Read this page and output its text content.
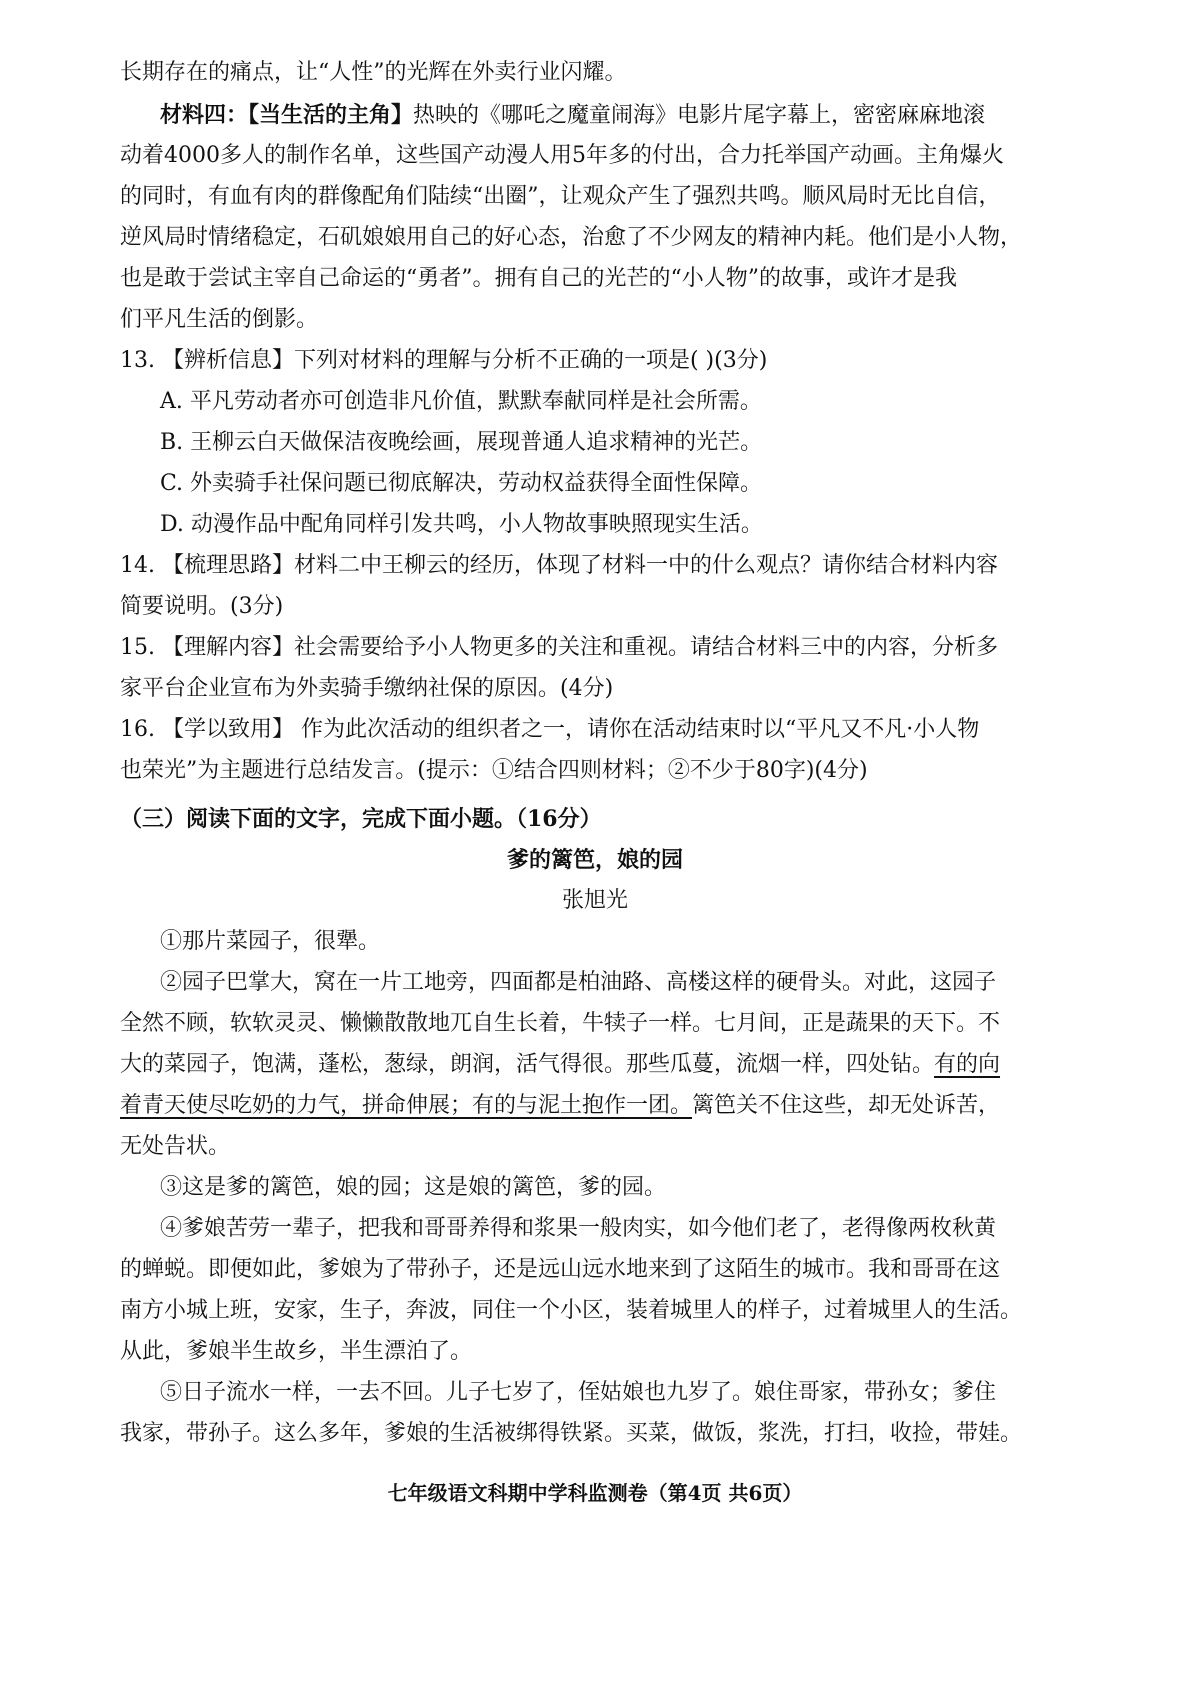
长期存在的痛点，让“人性”的光辉在外卖行业闪耀。
材料四：【当生活的主角】热映的《哪吒之魔童闹海》电影片尾字幕上，密密麻麻地滚
动着4000多人的制作名单，这些国产动漫人用5年多的付出，合力托举国产动画。主角爆火
的同时，有血有肉的群像配角们陆续“出圈”，让观众产生了强烈共鸣。顺风局时无比自信，
逆风局时情绪稳定，石矶娘娘用自己的好心态，治愈了不少网友的精神内耗。他们是小人物，
也是敢于尝试主宰自己命运的“勇者”。拥有自己的光芒的“小人物”的故事，或许才是我
们平凡生活的倒影。
13. 【辨析信息】下列对材料的理解与分析不正确的一项是( )(3分)
A. 平凡劳动者亦可创造非凡价值，默默奉献同样是社会所需。
B. 王柳云白天做保洁夜晚绘画，展现普通人追求精神的光芒。
C. 外卖骑手社保问题已彻底解决，劳动权益获得全面性保障。
D. 动漫作品中配角同样引发共鸣，小人物故事映照现实生活。
14. 【梳理思路】材料二中王柳云的经历，体现了材料一中的什么观点？请你结合材料内容
简要说明。(3分)
15. 【理解内容】社会需要给予小人物更多的关注和重视。请结合材料三中的内容，分析多
家平台企业宣布为外卖骑手缴纳社保的原因。(4分)
16. 【学以致用】 作为此次活动的组织者之一，请你在活动结束时以“平凡又不凡·小人物
也荣光”为主题进行总结发言。(提示：①结合四则材料；②不少于80字)(4分)
（三）阅读下面的文字，完成下面小题。（16分）
爹的篱笆，娘的园
张旭光
①那片菜园子，很犟。
②园子巴掌大，窝在一片工地旁，四面都是柏油路、高楼这样的硬骨头。对此，这园子
全然不顾，软软灵灵、懒懒散散地兀自生长着，牛犊子一样。七月间，正是蔬果的天下。不
大的菜园子，饱满，蓬松，葱绿，朗润，活气得很。那些瓜蔓，流烟一样，四处钻。有的向
着青天使尽吃奶的力气，拼命伸展；有的与泥土抱作一团。篱笆关不住这些，却无处诉苦，
无处告状。
③这是爹的篱笆，娘的园；这是娘的篱笆，爹的园。
④爹娘苦劳一辈子，把我和哥哥养得和浆果一般肉实，如今他们老了，老得像两枚秋黄
的蝉蜕。即便如此，爹娘为了带孙子，还是远山远水地来到了这陌生的城市。我和哥哥在这
南方小城上班，安家，生子，奔波，同住一个小区，装着城里人的样子，过着城里人的生活。
从此，爹娘半生故乡，半生漂泊了。
⑤日子流水一样，一去不回。儿子七岁了，侄姑娘也九岁了。娘住哥家，带孙女；爹住
我家，带孙子。这么多年，爹娘的生活被绑得铁紧。买菜，做饭，浆洗，打扫，收捡，带娃。
七年级语文科期中学科监测卷（第4页 共6页）
